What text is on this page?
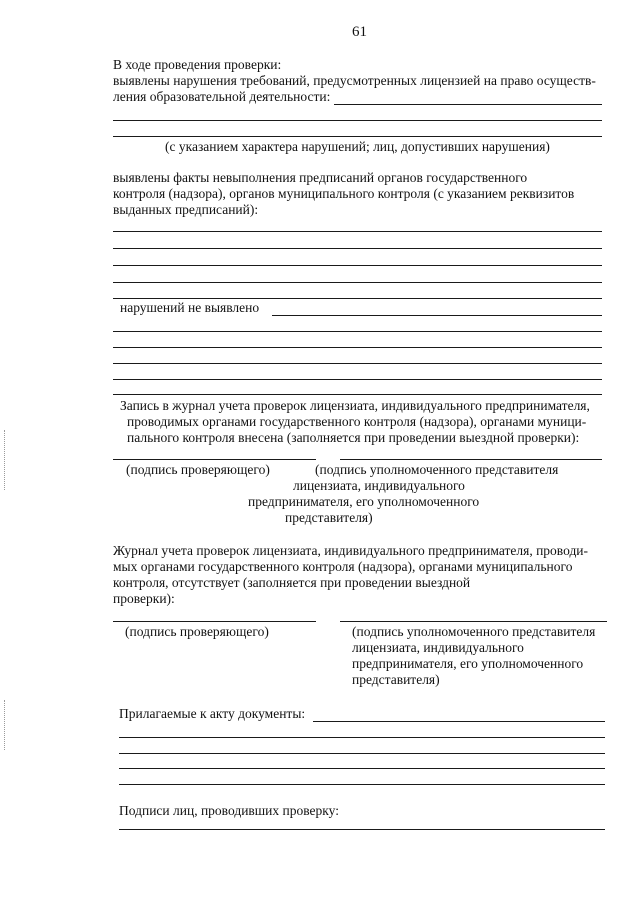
61
В ходе проведения проверки:
выявлены нарушения требований, предусмотренных лицензией на право осуществ-
ления образовательной деятельности:
(с указанием характера нарушений; лиц, допустивших нарушения)
выявлены факты невыполнения предписаний органов государственного
контроля (надзора), органов муниципального контроля (с указанием реквизитов
выданных предписаний):
нарушений не выявлено
Запись в журнал учета проверок лицензиата, индивидуального предпринимателя,
проводимых органами государственного контроля (надзора), органами муници-
пального контроля внесена (заполняется при проведении выездной проверки):
(подпись проверяющего)	(подпись уполномоченного представителя
лицензиата, индивидуального
предпринимателя, его уполномоченного
представителя)
Журнал учета проверок лицензиата, индивидуального предпринимателя, проводи-
мых органами государственного контроля (надзора), органами муниципального
контроля, отсутствует (заполняется при проведении выездной
проверки):
(подпись проверяющего)	(подпись уполномоченного представителя
лицензиата, индивидуального
предпринимателя, его уполномоченного
представителя)
Прилагаемые к акту документы:
Подписи лиц, проводивших проверку:
